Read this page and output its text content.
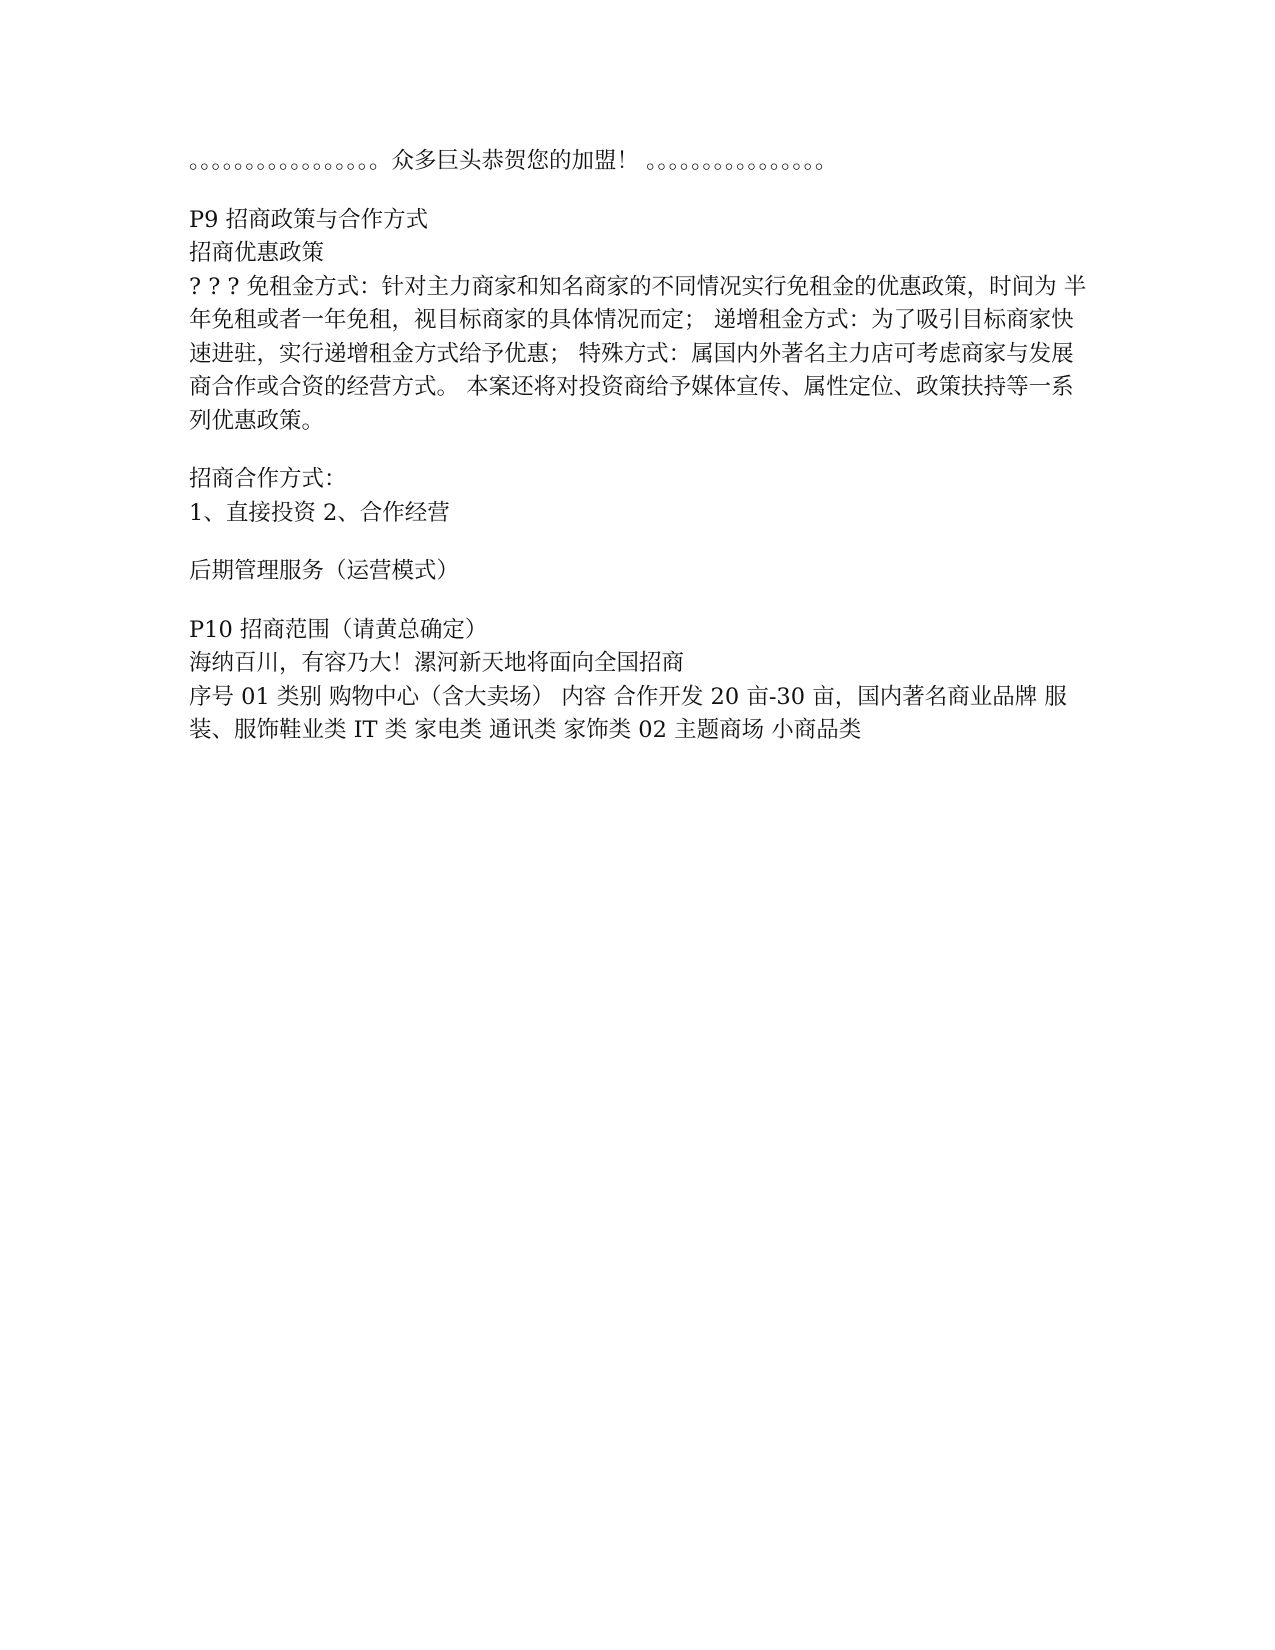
。。。。。。。。。。。。。。。。。众多巨头恭贺您的加盟！ 。。。。。。。。。。。。。。。。

P9 招商政策与合作方式

招商优惠政策

? ? ? 免租金方式：针对主力商家和知名商家的不同情况实行免租金的优惠政策，时间为 半年免租或者一年免租，视目标商家的具体情况而定； 递增租金方式：为了吸引目标商家快速进驻，实行递增租金方式给予优惠； 特殊方式：属国内外著名主力店可考虑商家与发展商合作或合资的经营方式。 本案还将对投资商给予媒体宣传、属性定位、政策扶持等一系列优惠政策。

招商合作方式：

1、直接投资 2、合作经营

后期管理服务（运营模式）

P10 招商范围（请黄总确定）

海纳百川，有容乃大！漯河新天地将面向全国招商

序号 01 类别 购物中心（含大卖场） 内容 合作开发 20 亩-30 亩，国内著名商业品牌 服装、服饰鞋业类 IT 类 家电类 通讯类 家饰类 02 主题商场 小商品类
